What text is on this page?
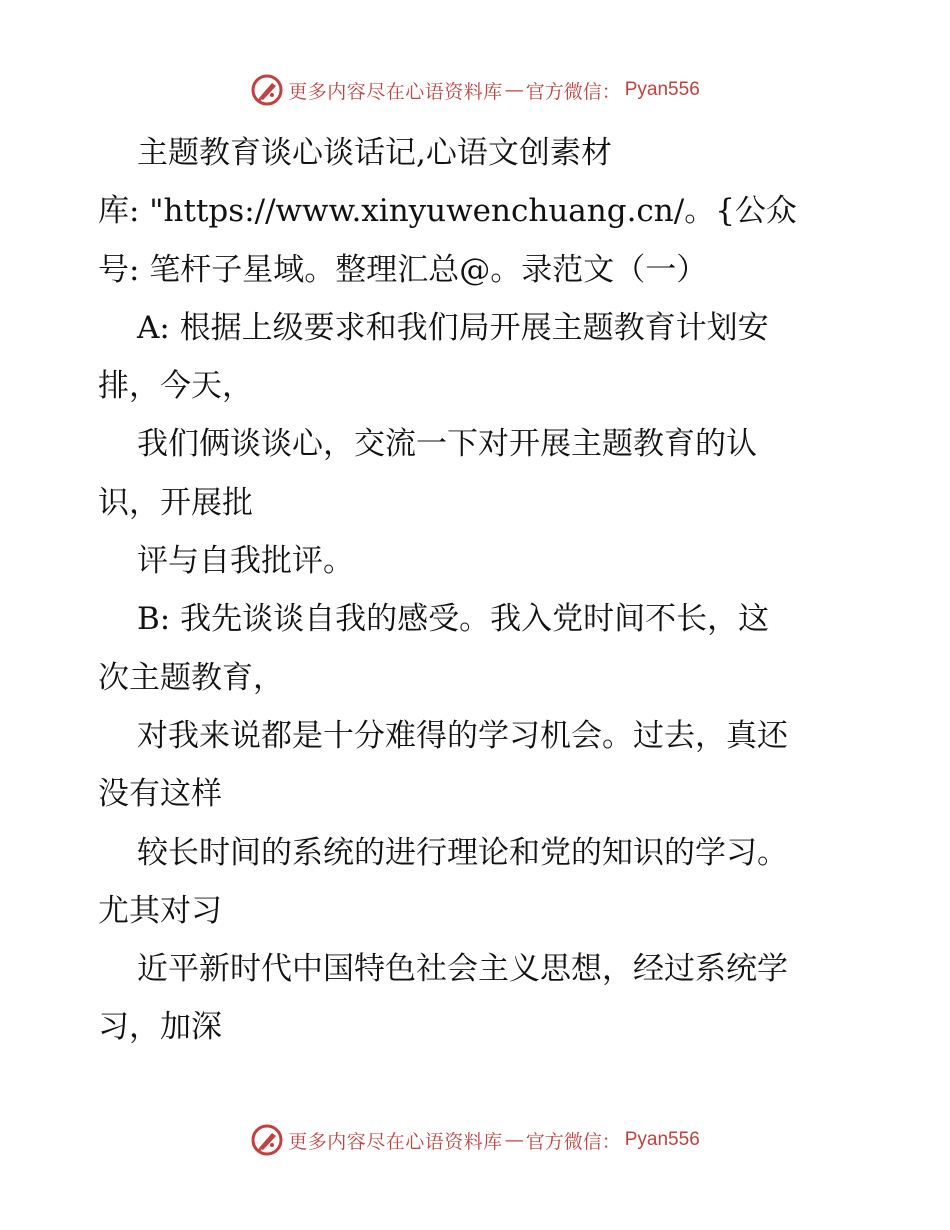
更多内容尽在心语资料库 — 官方微信： Pyan556
主题教育谈心谈话记,心语文创素材
库: "https://www.xinyuwenchuang.cn/。{公众
号: 笔杆子星域。整理汇总@。录范文（一）
A: 根据上级要求和我们局开展主题教育计划安
排，今天，
我们俩谈谈心，交流一下对开展主题教育的认
识，开展批
评与自我批评。
B: 我先谈谈自我的感受。我入党时间不长，这
次主题教育，
对我来说都是十分难得的学习机会。过去，真还
没有这样
较长时间的系统的进行理论和党的知识的学习。
尤其对习
近平新时代中国特色社会主义思想，经过系统学
习，加深
更多内容尽在心语资料库 — 官方微信： Pyan556
